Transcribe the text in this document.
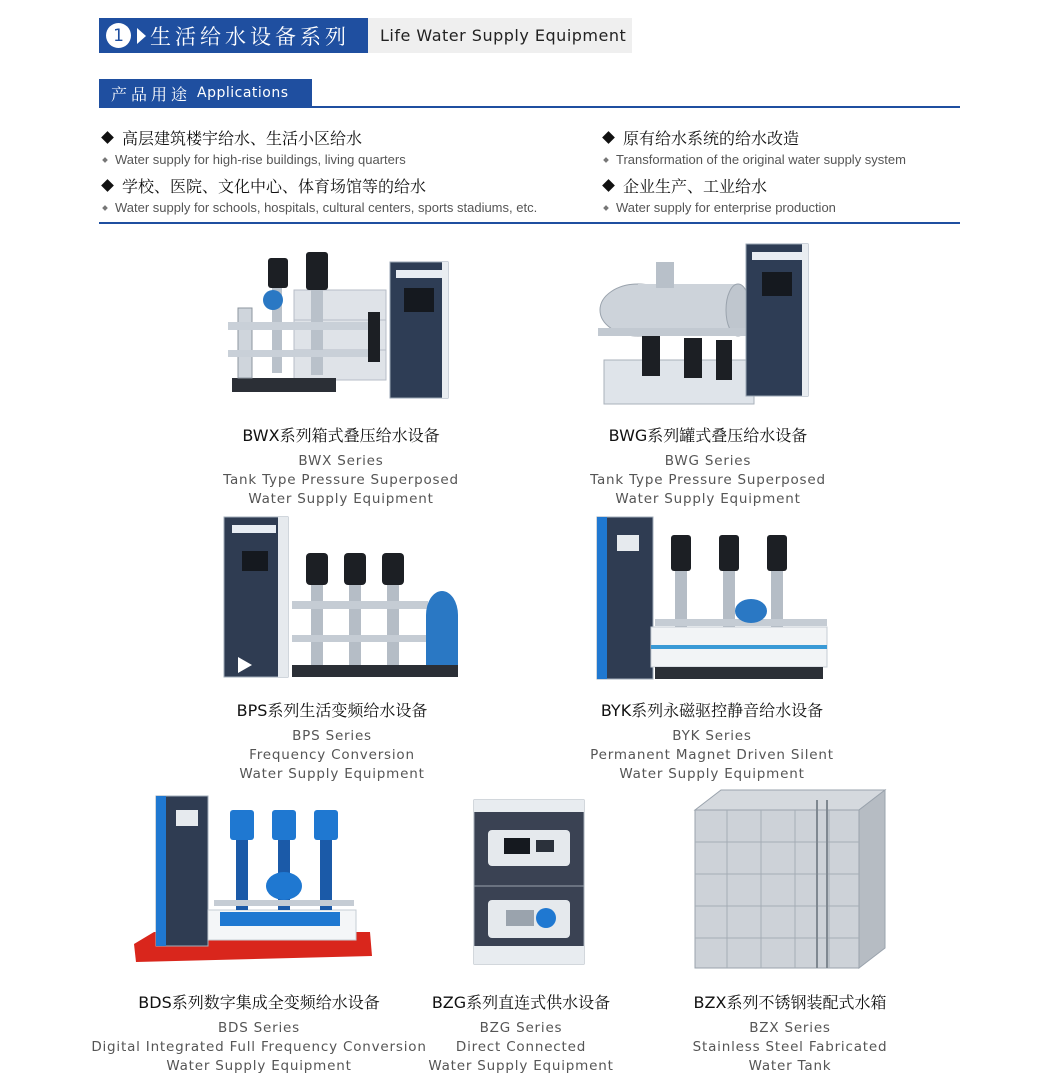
1	生活给水设备系列 Life Water Supply Equipment
产品用途 Applications
高层建筑楼宇给水、生活小区给水
Water supply for high-rise buildings, living quarters
原有给水系统的给水改造
Transformation of the original water supply system
学校、医院、文化中心、体育场馆等的给水
Water supply for schools, hospitals, cultural centers, sports stadiums, etc.
企业生产、工业给水
Water supply for enterprise production
BWX系列箱式叠压给水设备
BWX Series
Tank Type Pressure Superposed
Water Supply Equipment
BWG系列罐式叠压给水设备
BWG Series
Tank Type Pressure Superposed
Water Supply Equipment
BPS系列生活变频给水设备
BPS Series
Frequency Conversion
Water Supply Equipment
BYK系列永磁驱控静音给水设备
BYK Series
Permanent Magnet Driven Silent
Water Supply Equipment
BDS系列数字集成全变频给水设备
BDS Series
Digital Integrated Full Frequency Conversion
Water Supply Equipment
BZG系列直连式供水设备
BZG Series
Direct Connected
Water Supply Equipment
BZX系列不锈钢装配式水箱
BZX Series
Stainless Steel Fabricated
Water Tank
